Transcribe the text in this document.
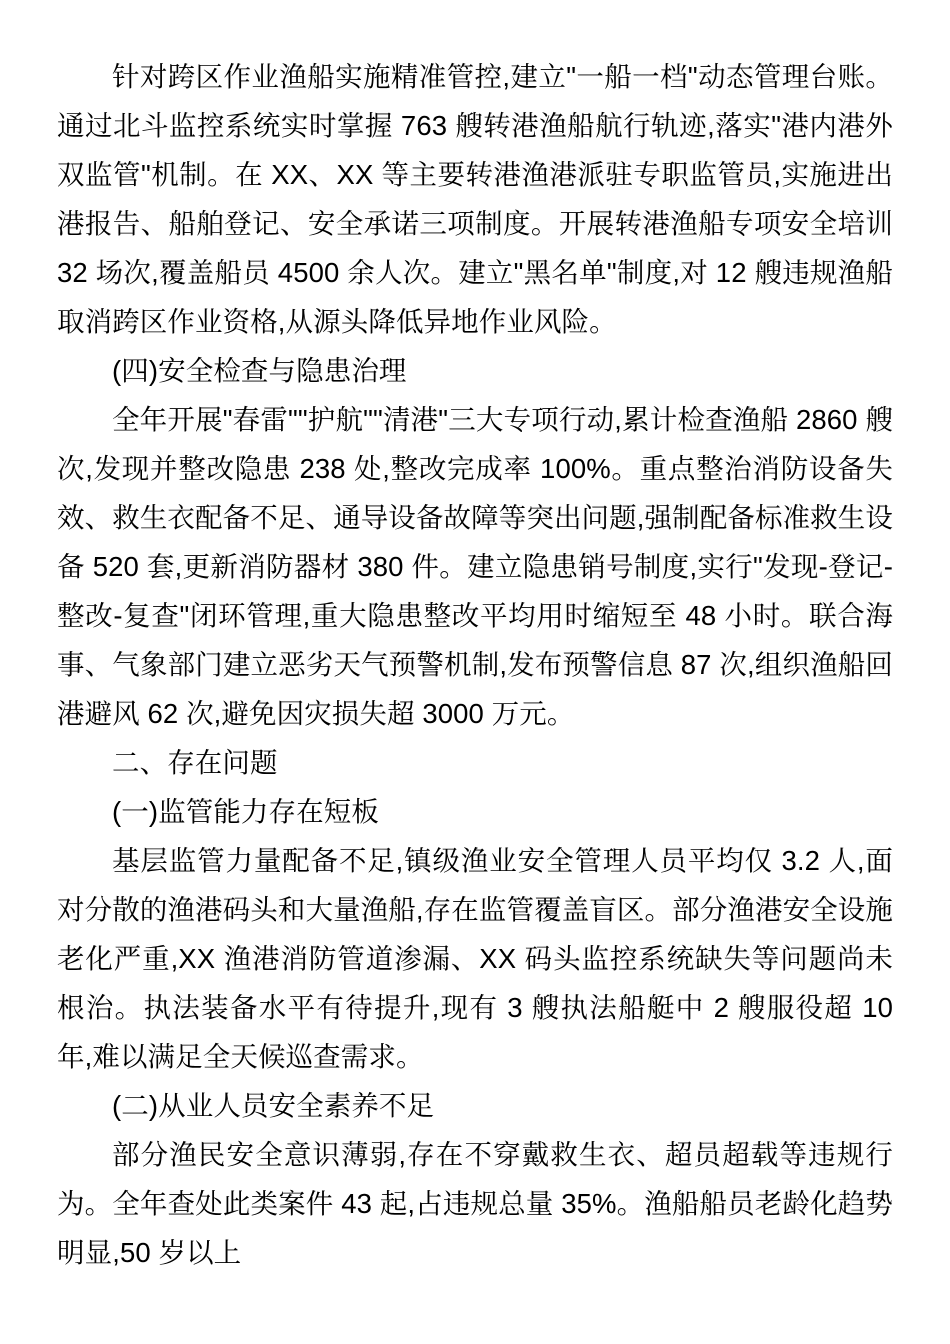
针对跨区作业渔船实施精准管控,建立"一船一档"动态管理台账。通过北斗监控系统实时掌握 763 艘转港渔船航行轨迹,落实"港内港外双监管"机制。在 XX、XX 等主要转港渔港派驻专职监管员,实施进出港报告、船舶登记、安全承诺三项制度。开展转港渔船专项安全培训 32 场次,覆盖船员 4500 余人次。建立"黑名单"制度,对 12 艘违规渔船取消跨区作业资格,从源头降低异地作业风险。

(四)安全检查与隐患治理

全年开展"春雷""护航""清港"三大专项行动,累计检查渔船 2860 艘次,发现并整改隐患 238 处,整改完成率 100%。重点整治消防设备失效、救生衣配备不足、通导设备故障等突出问题,强制配备标准救生设备 520 套,更新消防器材 380 件。建立隐患销号制度,实行"发现-登记-整改-复查"闭环管理,重大隐患整改平均用时缩短至 48 小时。联合海事、气象部门建立恶劣天气预警机制,发布预警信息 87 次,组织渔船回港避风 62 次,避免因灾损失超 3000 万元。

二、存在问题

(一)监管能力存在短板

基层监管力量配备不足,镇级渔业安全管理人员平均仅 3.2 人,面对分散的渔港码头和大量渔船,存在监管覆盖盲区。部分渔港安全设施老化严重,XX 渔港消防管道渗漏、XX 码头监控系统缺失等问题尚未根治。执法装备水平有待提升,现有 3 艘执法船艇中 2 艘服役超 10 年,难以满足全天候巡查需求。

(二)从业人员安全素养不足

部分渔民安全意识薄弱,存在不穿戴救生衣、超员超载等违规行为。全年查处此类案件 43 起,占违规总量 35%。渔船船员老龄化趋势明显,50 岁以上
